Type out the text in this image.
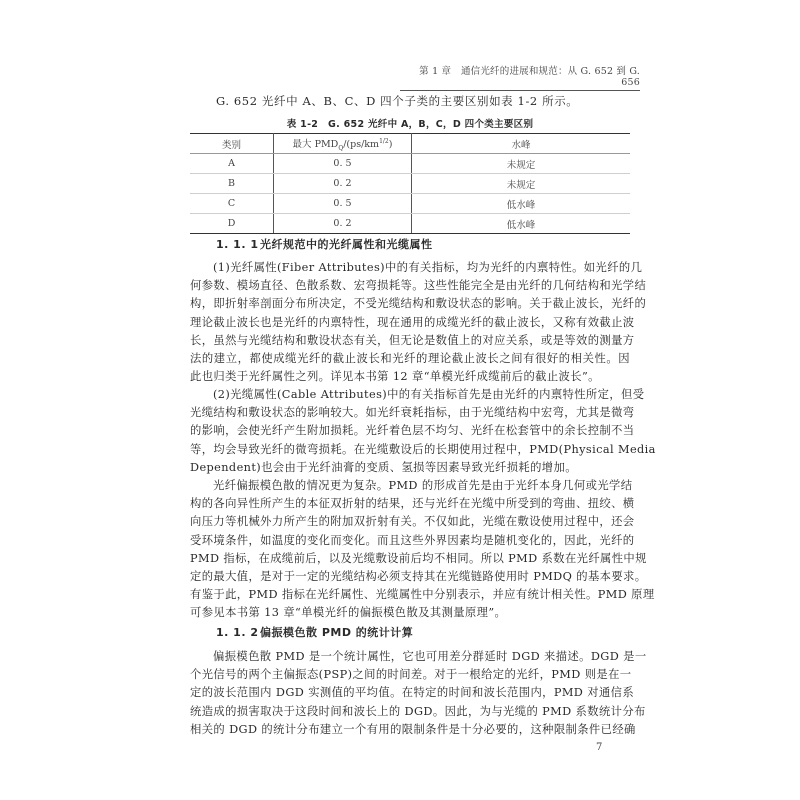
第 1 章　通信光纤的进展和规范：从 G. 652 到 G. 656
G. 652 光纤中 A、B、C、D 四个子类的主要区别如表 1-2 所示。
表 1-2　G. 652 光纤中 A，B，C，D 四个类主要区别
类别	最大 $PMD_Q/(ps/km^{1/2})$	水峰
A	0. 5	未规定
B	0. 2	未规定
C	0. 5	低水峰
D	0. 2	低水峰
1. 1. 1 光纤规范中的光纤属性和光缆属性
(1)光纤属性(Fiber Attributes)中的有关指标，均为光纤的内禀特性。如光纤的几
何参数、模场直径、色散系数、宏弯损耗等。这些性能完全是由光纤的几何结构和光学结
构，即折射率剖面分布所决定，不受光缆结构和敷设状态的影响。关于截止波长，光纤的
理论截止波长也是光纤的内禀特性，现在通用的成缆光纤的截止波长，又称有效截止波
长，虽然与光缆结构和敷设状态有关，但无论是数值上的对应关系，或是等效的测量方
法的建立，都使成缆光纤的截止波长和光纤的理论截止波长之间有很好的相关性。因
此也归类于光纤属性之列。详见本书第 12 章“单模光纤成缆前后的截止波长”。
(2)光缆属性(Cable Attributes)中的有关指标首先是由光纤的内禀特性所定，但受
光缆结构和敷设状态的影响较大。如光纤衰耗指标，由于光缆结构中宏弯，尤其是微弯
的影响，会使光纤产生附加损耗。光纤着色层不均匀、光纤在松套管中的余长控制不当
等，均会导致光纤的微弯损耗。在光缆敷设后的长期使用过程中，PMD(Physical Media
Dependent)也会由于光纤油膏的变质、氢损等因素导致光纤损耗的增加。
光纤偏振模色散的情况更为复杂。PMD 的形成首先是由于光纤本身几何或光学结
构的各向异性所产生的本征双折射的结果，还与光纤在光缆中所受到的弯曲、扭绞、横
向压力等机械外力所产生的附加双折射有关。不仅如此，光缆在敷设使用过程中，还会
受环境条件，如温度的变化而变化。而且这些外界因素均是随机变化的，因此，光纤的
PMD 指标，在成缆前后，以及光缆敷设前后均不相同。所以 PMD 系数在光纤属性中规
定的最大值，是对于一定的光缆结构必须支持其在光缆链路使用时 PMDQ 的基本要求。
有鉴于此，PMD 指标在光纤属性、光缆属性中分别表示，并应有统计相关性。PMD 原理
可参见本书第 13 章“单模光纤的偏振模色散及其测量原理”。
1. 1. 2 偏振模色散 PMD 的统计计算
偏振模色散 PMD 是一个统计属性，它也可用差分群延时 DGD 来描述。DGD 是一
个光信号的两个主偏振态(PSP)之间的时间差。对于一根给定的光纤，PMD 则是在一
定的波长范围内 DGD 实测值的平均值。在特定的时间和波长范围内，PMD 对通信系
统造成的损害取决于这段时间和波长上的 DGD。因此，为与光缆的 PMD 系数统计分布
相关的 DGD 的统计分布建立一个有用的限制条件是十分必要的，这种限制条件已经确
7
